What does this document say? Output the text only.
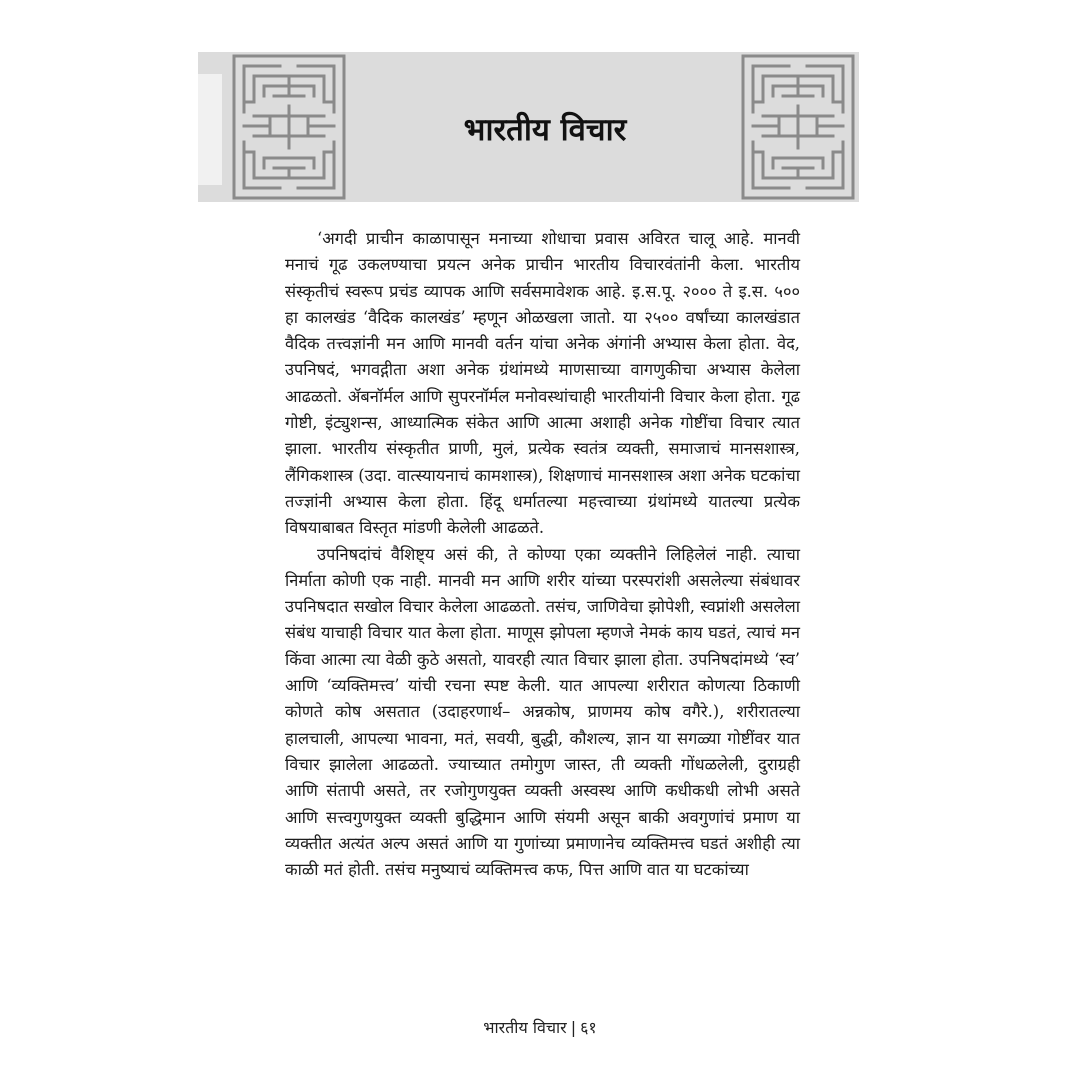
भारतीय विचार

‘अगदी प्राचीन काळापासून मनाच्या शोधाचा प्रवास अविरत चालू आहे. मानवी मनाचं गूढ उकलण्याचा प्रयत्न अनेक प्राचीन भारतीय विचारवंतांनी केला. भारतीय संस्कृतीचं स्वरूप प्रचंड व्यापक आणि सर्वसमावेशक आहे. इ.स.पू. २००० ते इ.स. ५०० हा कालखंड ‘वैदिक कालखंड’ म्हणून ओळखला जातो. या २५०० वर्षांच्या कालखंडात वैदिक तत्त्वज्ञांनी मन आणि मानवी वर्तन यांचा अनेक अंगांनी अभ्यास केला होता. वेद, उपनिषदं, भगवद्गीता अशा अनेक ग्रंथांमध्ये माणसाच्या वागणुकीचा अभ्यास केलेला आढळतो. ॲबनॉर्मल आणि सुपरनॉर्मल मनोवस्थांचाही भारतीयांनी विचार केला होता. गूढ गोष्टी, इंट्युशन्स, आध्यात्मिक संकेत आणि आत्मा अशाही अनेक गोष्टींचा विचार त्यात झाला. भारतीय संस्कृतीत प्राणी, मुलं, प्रत्येक स्वतंत्र व्यक्ती, समाजाचं मानसशास्त्र, लैंगिकशास्त्र (उदा. वात्स्यायनाचं कामशास्त्र), शिक्षणाचं मानसशास्त्र अशा अनेक घटकांचा तज्ज्ञांनी अभ्यास केला होता. हिंदू धर्मातल्या महत्त्वाच्या ग्रंथांमध्ये यातल्या प्रत्येक विषयाबाबत विस्तृत मांडणी केलेली आढळते.

उपनिषदांचं वैशिष्ट्य असं की, ते कोण्या एका व्यक्तीने लिहिलेलं नाही. त्याचा निर्माता कोणी एक नाही. मानवी मन आणि शरीर यांच्या परस्परांशी असलेल्या संबंधावर उपनिषदात सखोल विचार केलेला आढळतो. तसंच, जाणिवेचा झोपेशी, स्वप्नांशी असलेला संबंध याचाही विचार यात केला होता. माणूस झोपला म्हणजे नेमकं काय घडतं, त्याचं मन किंवा आत्मा त्या वेळी कुठे असतो, यावरही त्यात विचार झाला होता. उपनिषदांमध्ये ‘स्व’ आणि ‘व्यक्तिमत्त्व’ यांची रचना स्पष्ट केली. यात आपल्या शरीरात कोणत्या ठिकाणी कोणते कोष असतात (उदाहरणार्थ– अन्नकोष, प्राणमय कोष वगैरे.), शरीरातल्या हालचाली, आपल्या भावना, मतं, सवयी, बुद्धी, कौशल्य, ज्ञान या सगळ्या गोष्टींवर यात विचार झालेला आढळतो. ज्याच्यात तमोगुण जास्त, ती व्यक्ती गोंधळलेली, दुराग्रही आणि संतापी असते, तर रजोगुणयुक्त व्यक्ती अस्वस्थ आणि कधीकधी लोभी असते आणि सत्त्वगुणयुक्त व्यक्ती बुद्धिमान आणि संयमी असून बाकी अवगुणांचं प्रमाण या व्यक्तीत अत्यंत अल्प असतं आणि या गुणांच्या प्रमाणानेच व्यक्तिमत्त्व घडतं अशीही त्या काळी मतं होती. तसंच मनुष्याचं व्यक्तिमत्त्व कफ, पित्त आणि वात या घटकांच्या

भारतीय विचार | ६१
